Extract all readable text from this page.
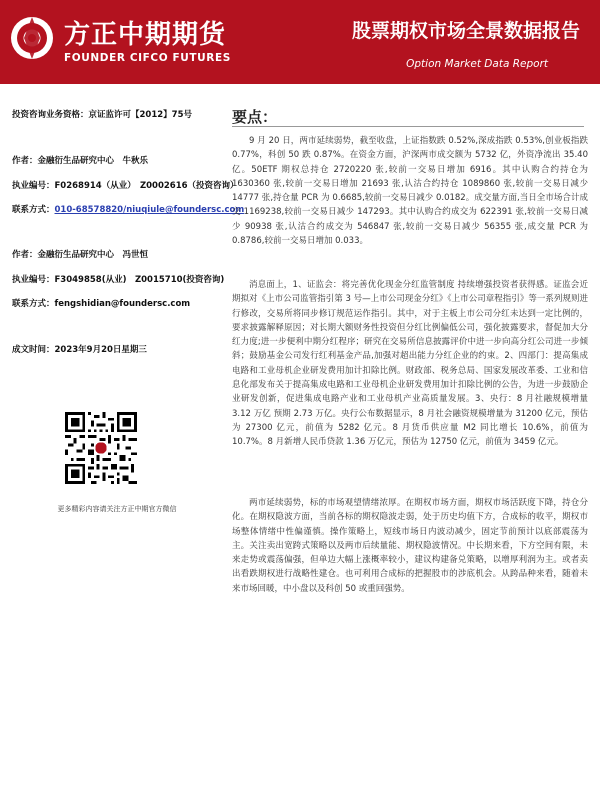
方正中期期货
FOUNDER CIFCO FUTURES
股票期权市场全景数据报告
Option Market Data Report
投资咨询业务资格：京证监许可【2012】75号
作者：金融衍生品研究中心　牛秋乐
执业编号：F0268914（从业）　Z0002616（投资咨询）
联系方式：010-68578820/niuqiule@foundersc.com
作者：金融衍生品研究中心　冯世恒
执业编号：F3049858(从业)　Z0015710(投资咨询)
联系方式：fengshidian@foundersc.com
成文时间：2023年9月20日星期三
更多精彩内容请关注方正中期官方微信
要点：

9 月 20 日，两市延续弱势，截至收盘，上证指数跌 0.52%,深成指跌 0.53%,创业板指跌 0.77%，科创 50 跌 0.87%。在资金方面，沪深两市成交额为 5732 亿，外资净流出 35.40 亿。50ETF 期权总持仓 2720220 张,较前一交易日增加 6916。其中认购合约持仓为 1630360 张,较前一交易日增加 21693 张,认沽合约持仓 1089860 张,较前一交易日减少 14777 张,持仓量 PCR 为 0.6685,较前一交易日减少 0.0182。成交量方面,当日全市场合计成交 1169238,较前一交易日减少 147293。其中认购合约成交为 622391 张,较前一交易日减少 90938 张,认沽合约成交为 546847 张,较前一交易日减少 56355 张,成交量 PCR 为 0.8786,较前一交易日增加 0.033。

消息面上，1、证监会：将完善优化现金分红监管制度 持续增强投资者获得感。证监会近期拟对《上市公司监管指引第 3 号—上市公司现金分红》《上市公司章程指引》等一系列规则进行修改，交易所将同步修订规范运作指引。其中，对于主板上市公司分红未达到一定比例的，要求披露解释原因；对长期大额财务性投资但分红比例偏低公司，强化披露要求，督促加大分红力度;进一步便利中期分红程序；研究在交易所信息披露评价中进一步向高分红公司进一步倾斜；鼓励基金公司发行红利基金产品,加强对超出能力分红企业的约束。2、四部门：提高集成电路和工业母机企业研发费用加计扣除比例。财政部、税务总局、国家发展改革委、工业和信息化部发布关于提高集成电路和工业母机企业研发费用加计扣除比例的公告，为进一步鼓励企业研发创新，促进集成电路产业和工业母机产业高质量发展。3、央行：8 月社融规模增量 3.12 万亿 预期 2.73 万亿。央行公布数据显示，8 月社会融资规模增量为 31200 亿元，预估为 27300 亿元，前值为 5282 亿元。8 月货币供应量 M2 同比增长 10.6%，前值为 10.7%。8 月新增人民币贷款 1.36 万亿元，预估为 12750 亿元，前值为 3459 亿元。

两市延续弱势，标的市场观望情绪浓厚。在期权市场方面，期权市场活跃度下降，持仓分化。在期权隐波方面，当前各标的期权隐波走弱，处于历史均值下方，合成标的收平，期权市场整体情绪中性偏谨慎。操作策略上，短线市场日内波动减少，固定节前预计以底部震荡为主。关注卖出宽跨式策略以及两市后续量能、期权隐波情况。中长期来看，下方空间有限，未来走势或震荡偏强，但单边大幅上涨概率较小，建议构建备兑策略，以增厚利润为主。或者卖出看跌期权进行战略性建仓。也可利用合成标的把握股市的涉底机会。从跨品种来看，随着未来市场回暖，中小盘以及科创 50 或重回强势。
